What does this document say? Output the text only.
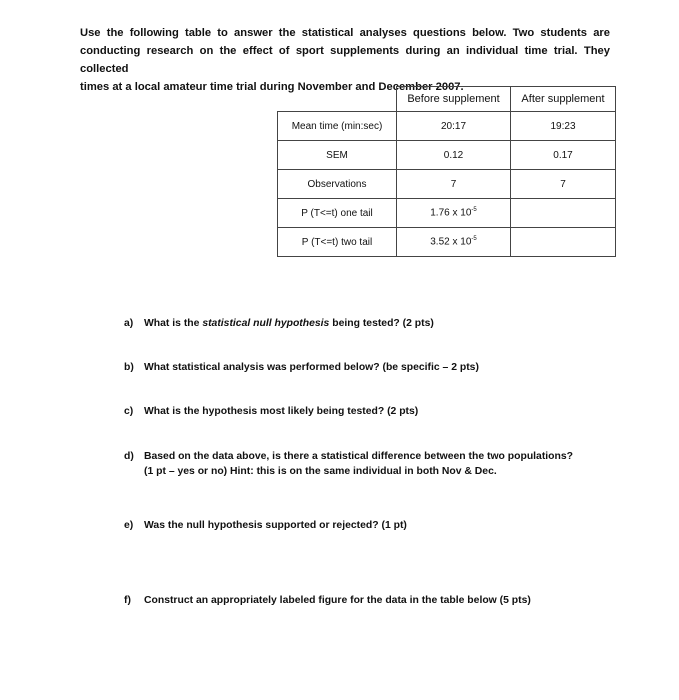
Use the following table to answer the statistical analyses questions below. Two students are
conducting research on the effect of sport supplements during an individual time trial. They collected
times at a local amateur time trial during November and December 2007.
	Before supplement	After supplement
Mean time (min:sec)	20:17	19:23
SEM	0.12	0.17
Observations	7	7
P (T<=t) one tail	1.76 x $10^{-5}$	
P (T<=t) two tail	3.52 x $10^{-5}$	
a) What is the statistical null hypothesis being tested? (2 pts)
b) What statistical analysis was performed below? (be specific – 2 pts)
c) What is the hypothesis most likely being tested? (2 pts)
d) Based on the data above, is there a statistical difference between the two populations?
(1 pt – yes or no) Hint: this is on the same individual in both Nov & Dec.
e) Was the null hypothesis supported or rejected? (1 pt)
f) Construct an appropriately labeled figure for the data in the table below (5 pts)
